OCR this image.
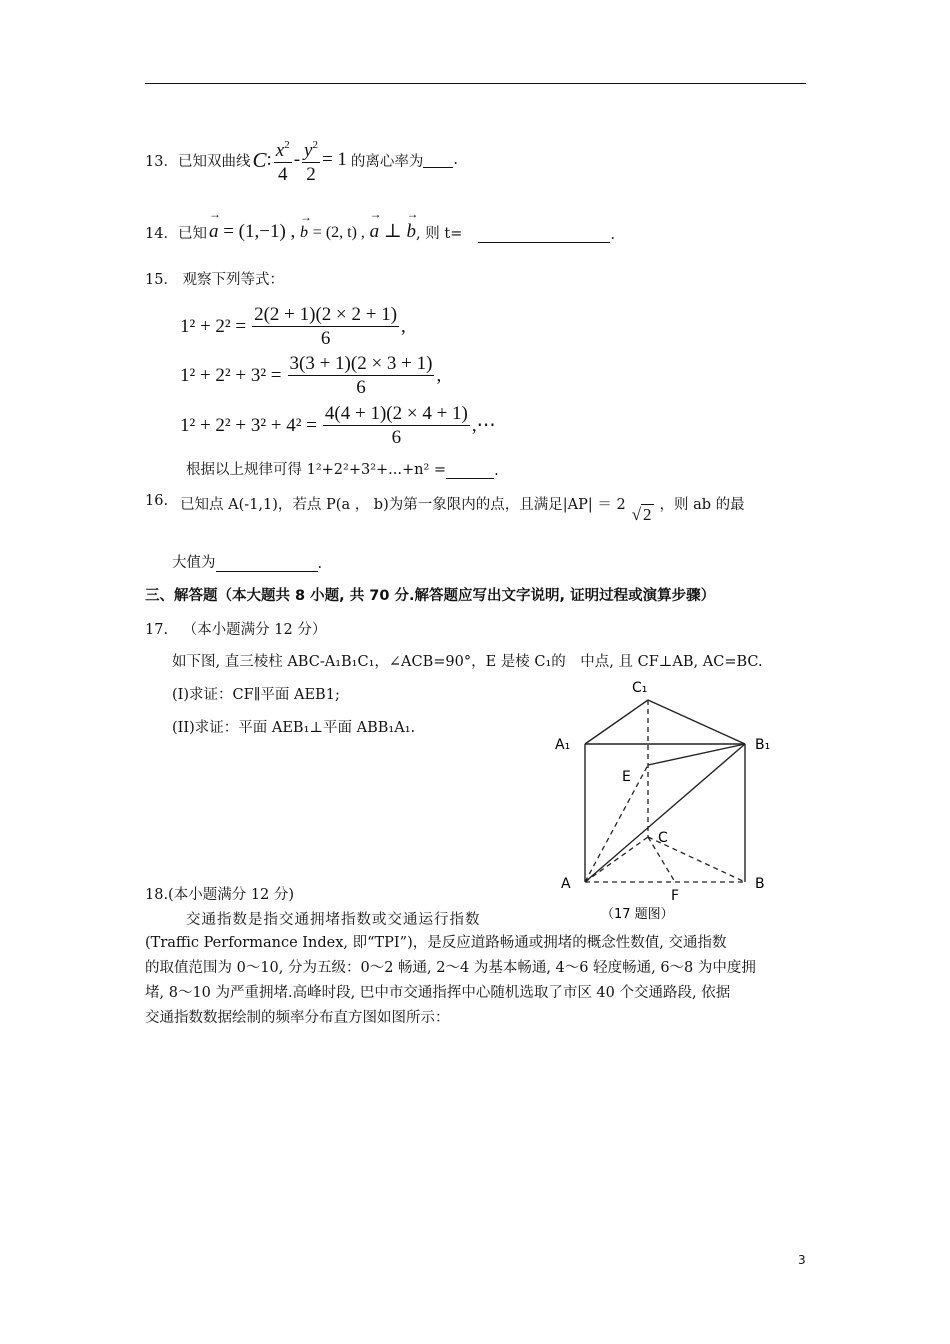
13． 已知双曲线 C : $\frac{x^2}{4} - \frac{y^2}{2} = 1$ 的离心率为 .
14． 已知 → a = (1,−1) , → b = (2, t) , → a ⊥ → b , 则 t=	.
15． 观察下列等式：
$1^2 + 2^2 = \frac{2(2 + 1)(2 \times 2 + 1)}{6}$ ,
$1^2 + 2^2 + 3^2 = \frac{3(3 + 1)(2 \times 3 + 1)}{6}$ ,
$1^2 + 2^2 + 3^2 + 4^2 = \frac{4(4 + 1)(2 \times 4 + 1)}{6}$ ,⋯
根据以上规律可得 1²+2²+3²+...+n² =	.
16. 已知点 A(-1,1)，若点 P(a ， b)为第一象限内的点，且满足|AP| ＝ 2 √ 2 ，则 ab 的最
大值为	.
三、解答题（本大题共 8 小题, 共 70 分.解答题应写出文字说明, 证明过程或演算步骤）
17. （本小题满分 12 分）
如下图, 直三棱柱 ABC-A₁B₁C₁，∠ACB=90°，E 是棱 C₁的　中点, 且 CF⊥AB, AC=BC.
(I)求证：CF∥平面 AEB1;
(II)求证：平面 AEB₁⊥平面 ABB₁A₁.
C₁
A₁	B₁
E
C
A
F
B
（17 题图）
18.(本小题满分 12 分)
交通指数是指交通拥堵指数或交通运行指数
(Traffic Performance Index, 即“TPI”)，是反应道路畅通或拥堵的概念性数值, 交通指数
的取值范围为 0～10, 分为五级：0～2 畅通, 2～4 为基本畅通, 4～6 轻度畅通, 6～8 为中度拥
堵, 8～10 为严重拥堵.高峰时段, 巴中市交通指挥中心随机选取了市区 40 个交通路段, 依据
交通指数数据绘制的频率分布直方图如图所示：
3
